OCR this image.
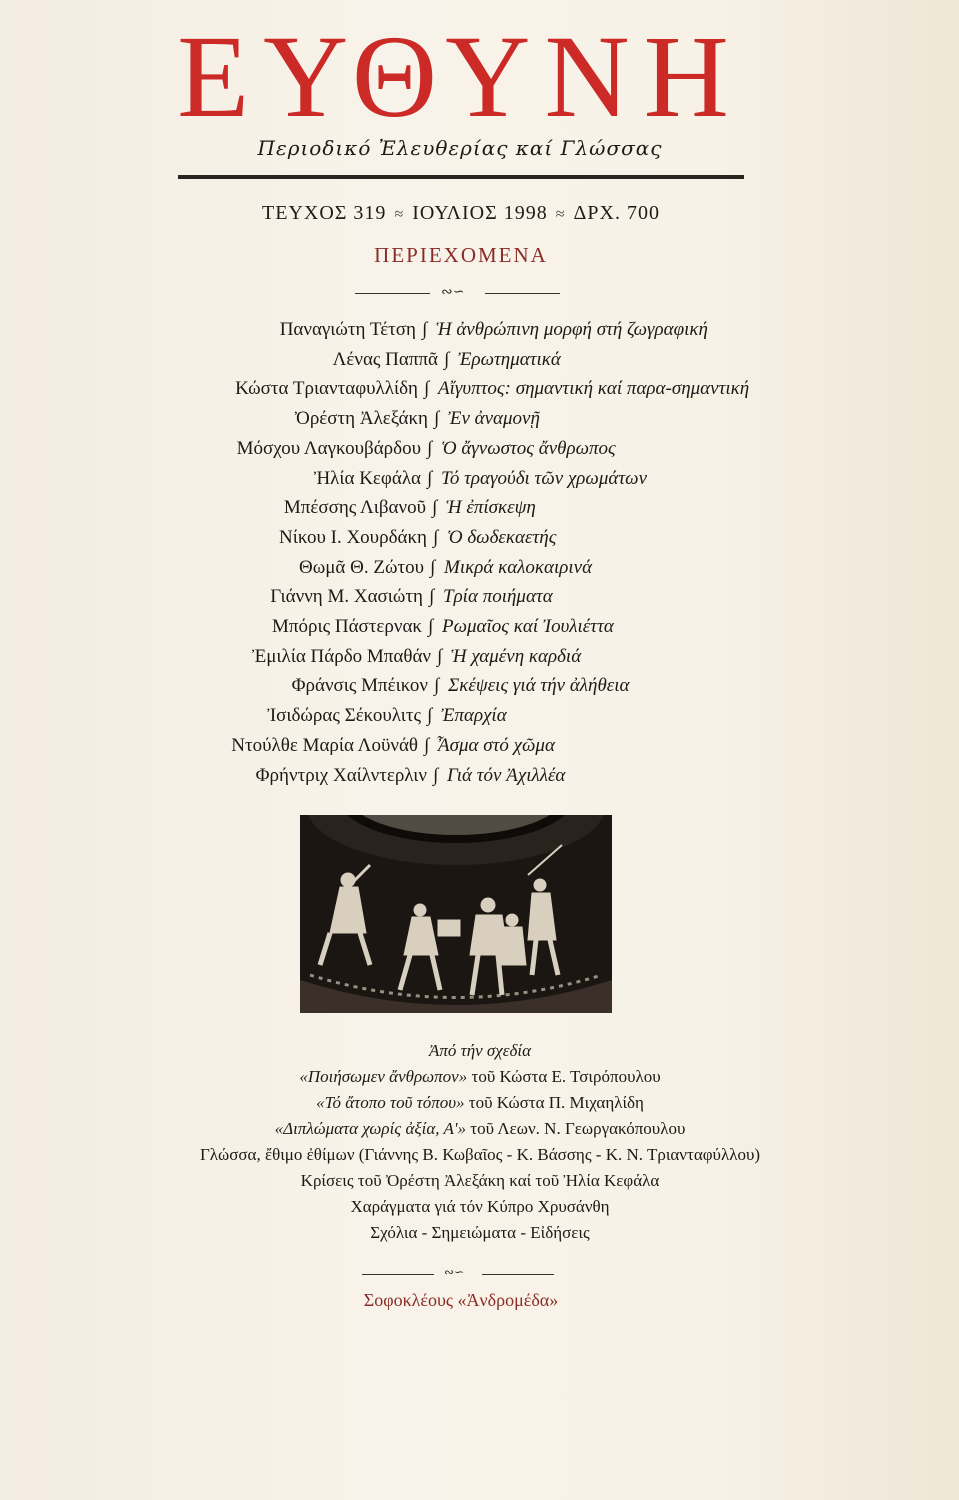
ΕΥΘΥΝΗ
Περιοδικό Ἐλευθερίας καί Γλώσσας
ΤΕΥΧΟΣ 319 ≈ ΙΟΥΛΙΟΣ 1998 ≈ ΔΡΧ. 700
ΠΕΡΙΕΧΟΜΕΝΑ
∾∽
Παναγιώτη Τέτση ∫ Ἡ ἀνθρώπινη μορφή στή ζωγραφική
Λένας Παππᾶ ∫ Ἐρωτηματικά
Κώστα Τριανταφυλλίδη ∫ Αἴγυπτος: σημαντική καί παρα-σημαντική
Ὀρέστη Ἀλεξάκη ∫ Ἐν ἀναμονῇ
Μόσχου Λαγκουβάρδου ∫ Ὁ ἄγνωστος ἄνθρωπος
Ἠλία Κεφάλα ∫ Τό τραγούδι τῶν χρωμάτων
Μπέσσης Λιβανοῦ ∫ Ἡ ἐπίσκεψη
Νίκου Ι. Χουρδάκη ∫ Ὁ δωδεκαετής
Θωμᾶ Θ. Ζώτου ∫ Μικρά καλοκαιρινά
Γιάννη Μ. Χασιώτη ∫ Τρία ποιήματα
Μπόρις Πάστερνακ ∫ Ρωμαῖος καί Ἰουλιέττα
Ἐμιλία Πάρδο Μπαθάν ∫ Ἡ χαμένη καρδιά
Φράνσις Μπέικον ∫ Σκέψεις γιά τήν ἀλήθεια
Ἰσιδώρας Σέκουλιτς ∫ Ἐπαρχία
Ντούλθε Μαρία Λοϋνάθ ∫ Ἆσμα στό χῶμα
Φρήντριχ Χαίλντερλιν ∫ Γιά τόν Ἀχιλλέα
Ἀπό τήν σχεδία
«Ποιήσωμεν ἄνθρωπον» τοῦ Κώστα Ε. Τσιρόπουλου
«Τό ἄτοπο τοῦ τόπου» τοῦ Κώστα Π. Μιχαηλίδη
«Διπλώματα χωρίς ἀξία, Α'» τοῦ Λεων. Ν. Γεωργακόπουλου
Γλώσσα, ἔθιμο ἐθίμων (Γιάννης Β. Κωβαῖος - Κ. Βάσσης - Κ. Ν. Τριανταφύλλου)
Κρίσεις τοῦ Ὀρέστη Ἀλεξάκη καί τοῦ Ἠλία Κεφάλα
Χαράγματα γιά τόν Κύπρο Χρυσάνθη
Σχόλια - Σημειώματα - Εἰδήσεις
∾∽
Σοφοκλέους «Ἀνδρομέδα»
